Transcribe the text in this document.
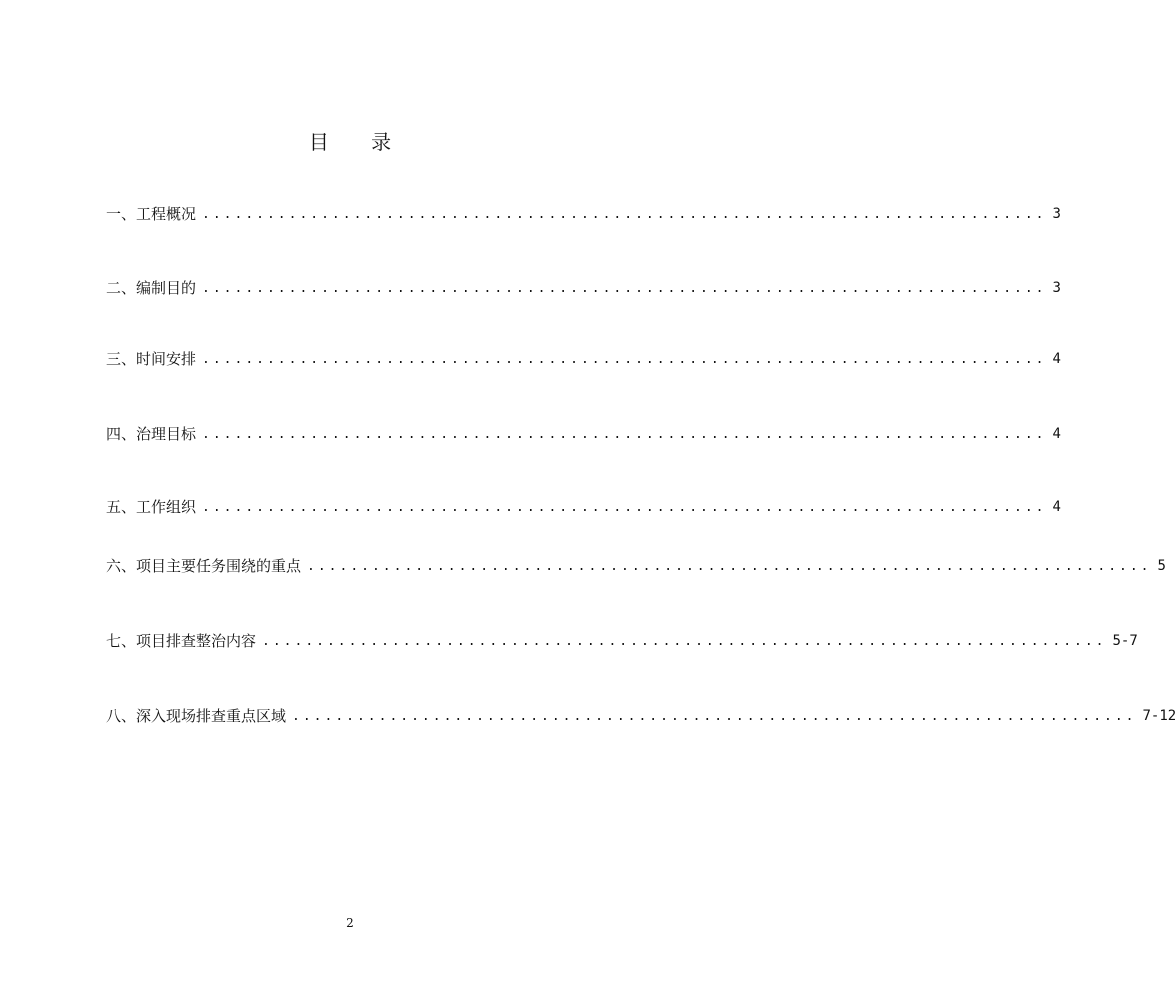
目 录
一、工程概况 .............................................................................. 3
二、编制目的 .............................................................................. 3
三、时间安排 .............................................................................. 4
四、治理目标 .............................................................................. 4
五、工作组织 .............................................................................. 4
六、项目主要任务围绕的重点 .............................................................................. 5
七、项目排查整治内容 .............................................................................. 5-7
八、深入现场排查重点区域 .............................................................................. 7-12
2
